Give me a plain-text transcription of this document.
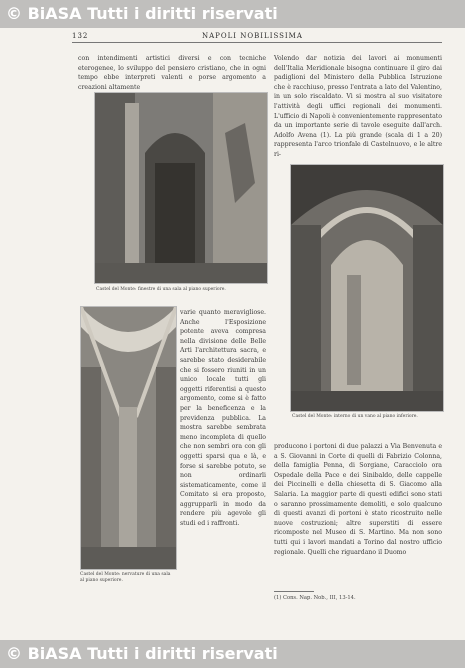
© BiASA Tutti i diritti riservati
132	NAPOLI NOBILISSIMA
con intendimenti artistici diversi e con tecniche eterogenee, lo sviluppo del pensiero cristiano, che in ogni tempo ebbe interpreti valenti e porse argomento a creazioni altamente
Volendo dar notizia dei lavori ai monumenti dell'Italia Meridionale bisogna continuare il giro dai padiglioni del Ministero della Pubblica Istruzione che è racchiuso, presso l'entrata a lato del Valentino, in un solo riscaldato. Vi si mostra al suo visitatore l'attività degli uffici regionali dei monumenti. L'ufficio di Napoli è convenientemente rappresentato da un importante serie di tavole eseguite dall'arch. Adolfo Avena (1). La più grande (scala di 1 a 20) rappresenta l'arco trionfale di Castelnuovo, e le altre ri-
Castel del Monte: finestre di una sala al piano superiore.
Castel del Monte: interno di un vano al piano inferiore.
Castel del Monte: nervature di una sala al piano superiore.
varie quanto meravigliose. Anche l'Esposizione potente aveva compresa nella divisione delle Belle Arti l'architettura sacra, e sarebbe stato desiderabile che si fossero riuniti in un unico locale tutti gli oggetti riferentisi a questo argomento, come si è fatto per la beneficenza e la previdenza pubblica. La mostra sarebbe sembrata meno incompleta di quello che non sembri ora con gli oggetti sparsi qua e là, e forse si sarebbe potuto, se non ordinarli sistematicamente, come il Comitato si era proposto, aggrupparli in modo da rendere più agevole gli studi ed i raffronti.
producono i portoni di due palazzi a Via Benvenuta e a S. Giovanni in Corte di quelli di Fabrizio Colonna, della famiglia Penna, di Sorgiane, Caracciolo ora Ospedale della Pace e dei Sinibaldo, delle cappelle dei Piccinelli e della chiesetta di S. Giacomo alla Salaria. La maggior parte di questi edifici sono stati o saranno prossimamente demoliti, e solo qualcuno di questi avanzi di portoni è stato ricostruito nelle nuove costruzioni; altre superstiti di essere ricomposte nel Museo di S. Martino. Ma non sono tutti qui i lavori mandati a Torino dal nostro ufficio regionale. Quelli che riguardano il Duomo
(1) Cons. Nap. Nob., III, 13-14.
© BiASA Tutti i diritti riservati
